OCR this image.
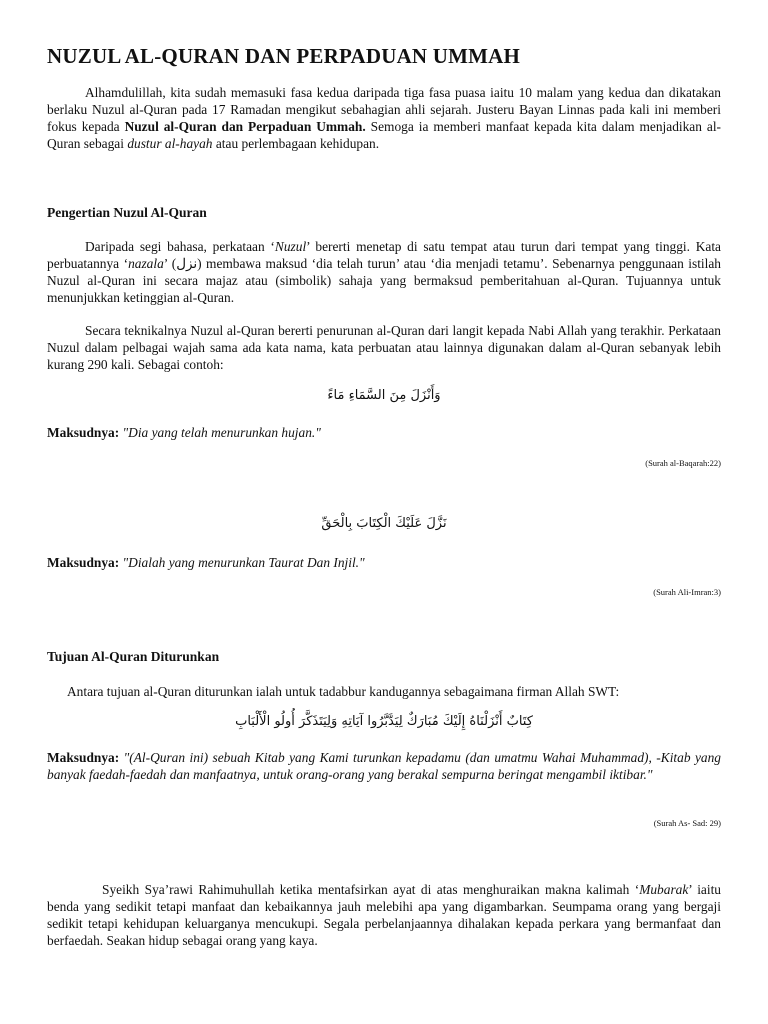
NUZUL AL-QURAN DAN PERPADUAN UMMAH

Alhamdulillah, kita sudah memasuki fasa kedua daripada tiga fasa puasa iaitu 10 malam yang kedua dan dikatakan berlaku Nuzul al-Quran pada 17 Ramadan mengikut sebahagian ahli sejarah. Justeru Bayan Linnas pada kali ini memberi fokus kepada Nuzul al-Quran dan Perpaduan Ummah. Semoga ia memberi manfaat kepada kita dalam menjadikan al-Quran sebagai dustur al-hayah atau perlembagaan kehidupan.

Pengertian Nuzul Al-Quran

Daripada segi bahasa, perkataan ‘Nuzul’ bererti menetap di satu tempat atau turun dari tempat yang tinggi. Kata perbuatannya ‘nazala’ (نزل) membawa maksud ‘dia telah turun’ atau ‘dia menjadi tetamu’. Sebenarnya penggunaan istilah Nuzul al-Quran ini secara majaz atau (simbolik) sahaja yang bermaksud pemberitahuan al-Quran. Tujuannya untuk menunjukkan ketinggian al-Quran.

Secara teknikalnya Nuzul al-Quran bererti penurunan al-Quran dari langit kepada Nabi Allah yang terakhir. Perkataan Nuzul dalam pelbagai wajah sama ada kata nama, kata perbuatan atau lainnya digunakan dalam al-Quran sebanyak lebih kurang 290 kali. Sebagai contoh:

وَأَنْزَلَ مِنَ السَّمَاءِ مَاءً

Maksudnya: "Dia yang telah menurunkan hujan."

(Surah al-Baqarah:22)
نَزَّلَ عَلَيْكَ الْكِتَابَ بِالْحَقِّ

Maksudnya: "Dialah yang menurunkan Taurat Dan Injil."

(Surah Ali-Imran:3)
Tujuan Al-Quran Diturunkan

Antara tujuan al-Quran diturunkan ialah untuk tadabbur kandugannya sebagaimana firman Allah SWT:

كِتَابٌ أَنْزَلْنَاهُ إِلَيْكَ مُبَارَكٌ لِيَدَّبَّرُوا آيَاتِهِ وَلِيَتَذَكَّرَ أُولُو الْأَلْبَابِ

Maksudnya: "(Al-Quran ini) sebuah Kitab yang Kami turunkan kepadamu (dan umatmu Wahai Muhammad), -Kitab yang banyak faedah-faedah dan manfaatnya, untuk orang-orang yang berakal sempurna beringat mengambil iktibar."

(Surah As- Sad: 29)

Syeikh Sya’rawi Rahimuhullah ketika mentafsirkan ayat di atas menghuraikan makna kalimah ‘Mubarak’ iaitu benda yang sedikit tetapi manfaat dan kebaikannya jauh melebihi apa yang digambarkan. Seumpama orang yang bergaji sedikit tetapi kehidupan keluarganya mencukupi. Segala perbelanjaannya dihalakan kepada perkara yang bermanfaat dan berfaedah. Seakan hidup sebagai orang yang kaya.
